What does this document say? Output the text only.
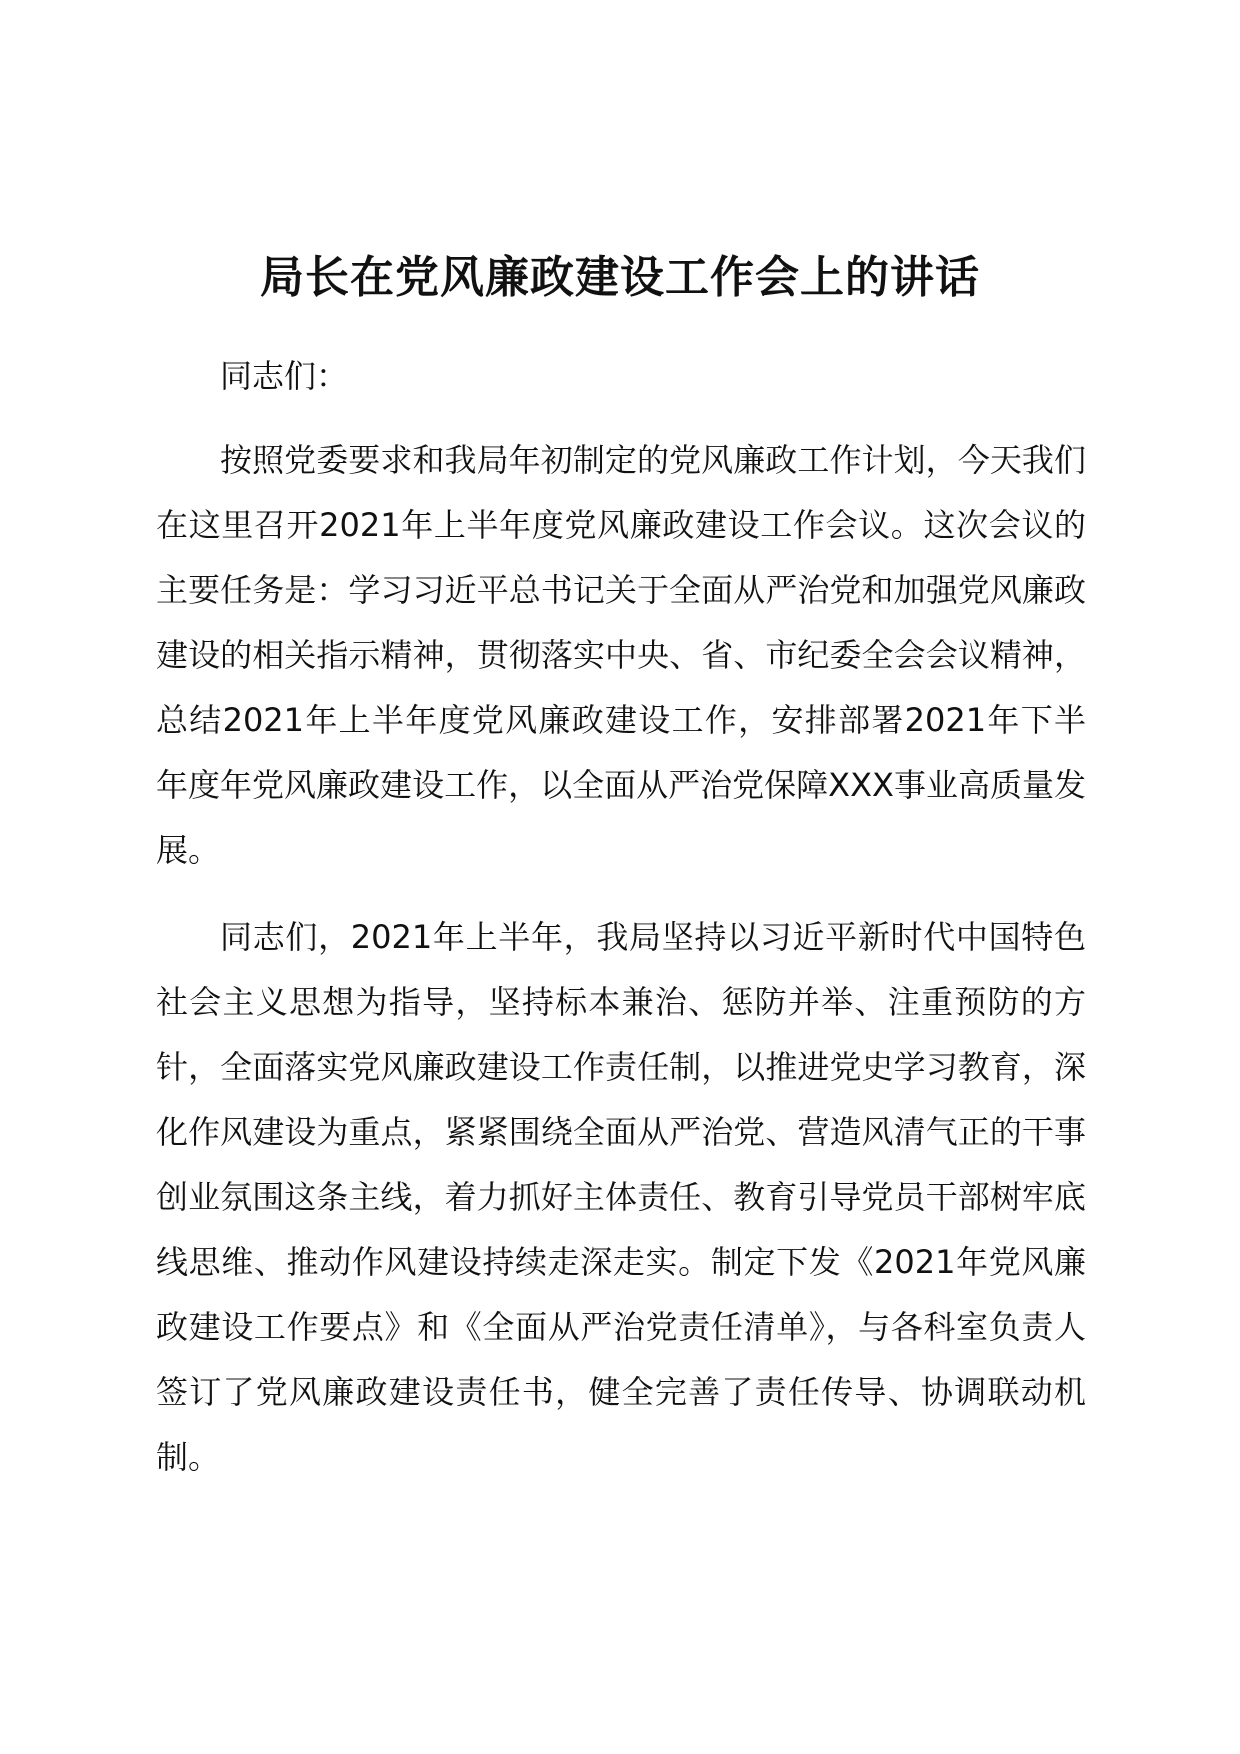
局长在党风廉政建设工作会上的讲话

同志们：

按照党委要求和我局年初制定的党风廉政工作计划，今天我们在这里召开2021年上半年度党风廉政建设工作会议。这次会议的主要任务是：学习习近平总书记关于全面从严治党和加强党风廉政建设的相关指示精神，贯彻落实中央、省、市纪委全会会议精神，总结2021年上半年度党风廉政建设工作，安排部署2021年下半年度年党风廉政建设工作，以全面从严治党保障XXX事业高质量发展。

同志们，2021年上半年，我局坚持以习近平新时代中国特色社会主义思想为指导，坚持标本兼治、惩防并举、注重预防的方针，全面落实党风廉政建设工作责任制，以推进党史学习教育，深化作风建设为重点，紧紧围绕全面从严治党、营造风清气正的干事创业氛围这条主线，着力抓好主体责任、教育引导党员干部树牢底线思维、推动作风建设持续走深走实。制定下发《2021年党风廉政建设工作要点》和《全面从严治党责任清单》，与各科室负责人签订了党风廉政建设责任书，健全完善了责任传导、协调联动机制。
